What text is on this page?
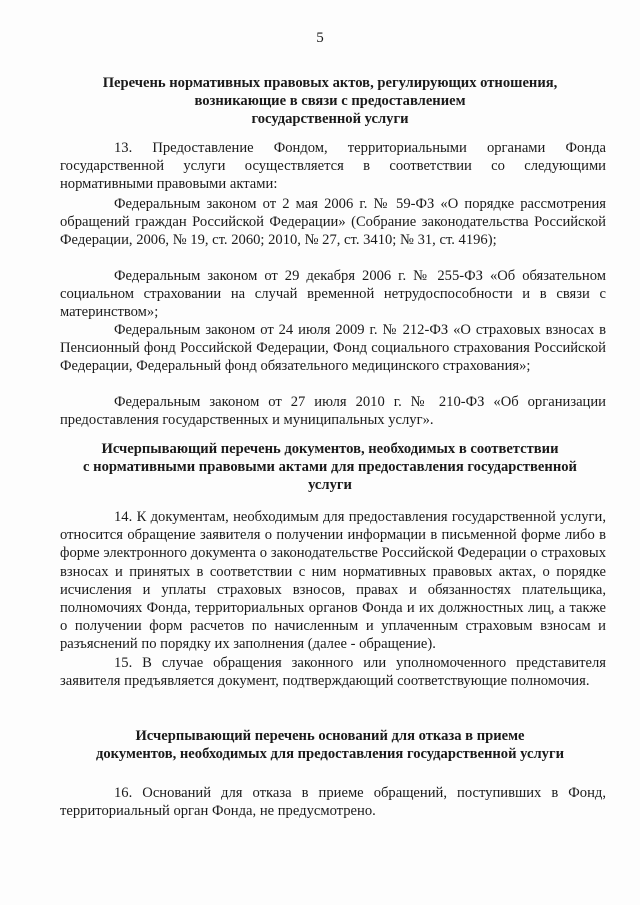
5
Перечень нормативных правовых актов, регулирующих отношения,
возникающие в связи с предоставлением
государственной услуги
13. Предоставление Фондом, территориальными органами Фонда государственной услуги осуществляется в соответствии со следующими нормативными правовыми актами:
Федеральным законом от 2 мая 2006 г. № 59-ФЗ «О порядке рассмотрения обращений граждан Российской Федерации» (Собрание законодательства Российской Федерации, 2006, № 19, ст. 2060; 2010, № 27, ст. 3410; № 31, ст. 4196);
Федеральным законом от 29 декабря 2006 г. № 255-ФЗ «Об обязательном социальном страховании на случай временной нетрудоспособности и в связи с материнством»;
Федеральным законом от 24 июля 2009 г. № 212-ФЗ «О страховых взносах в Пенсионный фонд Российской Федерации, Фонд социального страхования Российской Федерации, Федеральный фонд обязательного медицинского страхования»;
Федеральным законом от 27 июля 2010 г. № 210-ФЗ «Об организации предоставления государственных и муниципальных услуг».
Исчерпывающий перечень документов, необходимых в соответствии
с нормативными правовыми актами для предоставления государственной
услуги
14. К документам, необходимым для предоставления государственной услуги, относится обращение заявителя о получении информации в письменной форме либо в форме электронного документа о законодательстве Российской Федерации о страховых взносах и принятых в соответствии с ним нормативных правовых актах, о порядке исчисления и уплаты страховых взносов, правах и обязанностях плательщика, полномочиях Фонда, территориальных органов Фонда и их должностных лиц, а также о получении форм расчетов по начисленным и уплаченным страховым взносам и разъяснений по порядку их заполнения (далее - обращение).
15. В случае обращения законного или уполномоченного представителя заявителя предъявляется документ, подтверждающий соответствующие полномочия.
Исчерпывающий перечень оснований для отказа в приеме
документов, необходимых для предоставления государственной услуги
16. Оснований для отказа в приеме обращений, поступивших в Фонд, территориальный орган Фонда, не предусмотрено.
